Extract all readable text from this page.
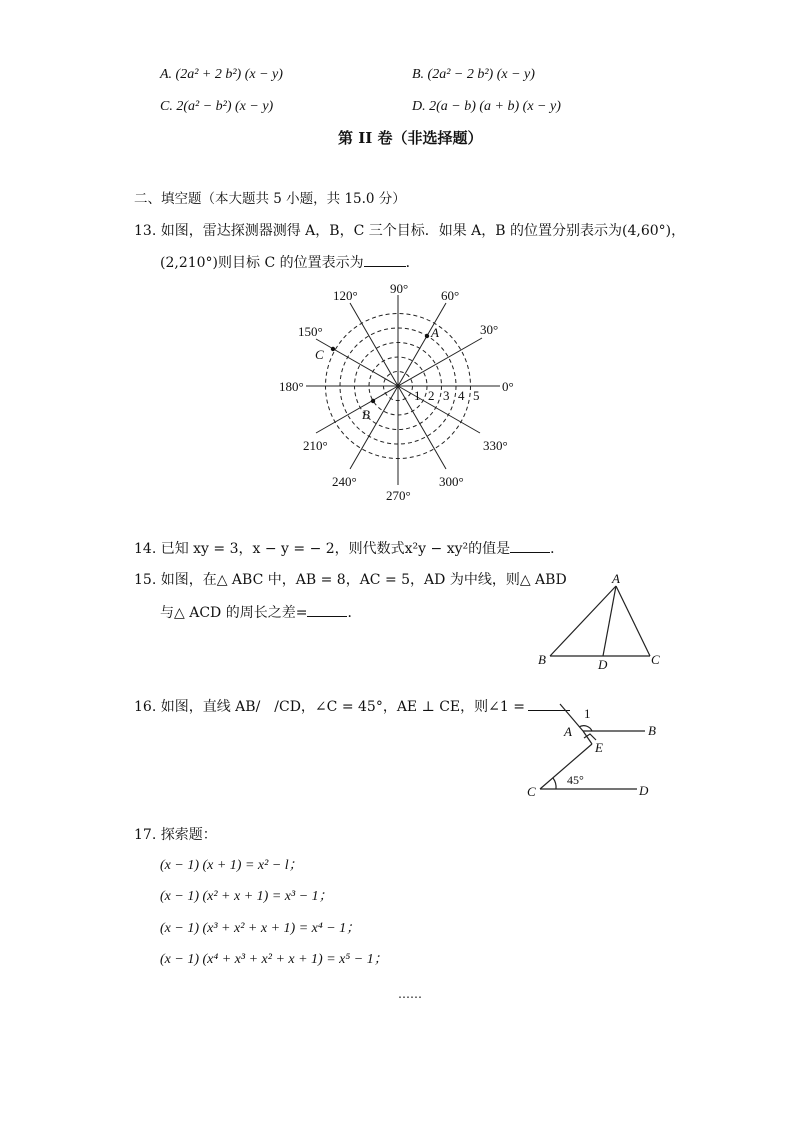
A. (2a² + 2 b²) (x − y)	B. (2a² − 2 b²) (x − y)
C. 2(a² − b²) (x − y)	D. 2(a − b) (a + b) (x − y)
第 II 卷（非选择题）
二、填空题（本大题共 5 小题，共 15.0 分）
13. 如图，雷达探测器测得 A，B，C 三个目标．如果 A，B 的位置分别表示为(4,60°)，
(2,210°)则目标 C 的位置表示为	．
0°
30°
60°
90°
120°
150°
180°
210°
240°
270°
300°
330°
1 2 3 4 5
A
B
C
14. 已知 xy = 3，x − y = − 2，则代数式x²y − xy²的值是	．
15. 如图，在△ ABC 中，AB = 8，AC = 5，AD 为中线，则△ ABD
与△ ACD 的周长之差=	．
A
B	C
D
16. 如图，直线 AB/　/CD，∠C = 45°，AE ⊥ CE，则∠1 =	1
A	B
E
C	D
45°
17. 探索题：
(x − 1) (x + 1) = x² − l；
(x − 1) (x² + x + 1) = x³ − 1；
(x − 1) (x³ + x² + x + 1) = x⁴ − 1；
(x − 1) (x⁴ + x³ + x² + x + 1) = x⁵ − 1；
……
